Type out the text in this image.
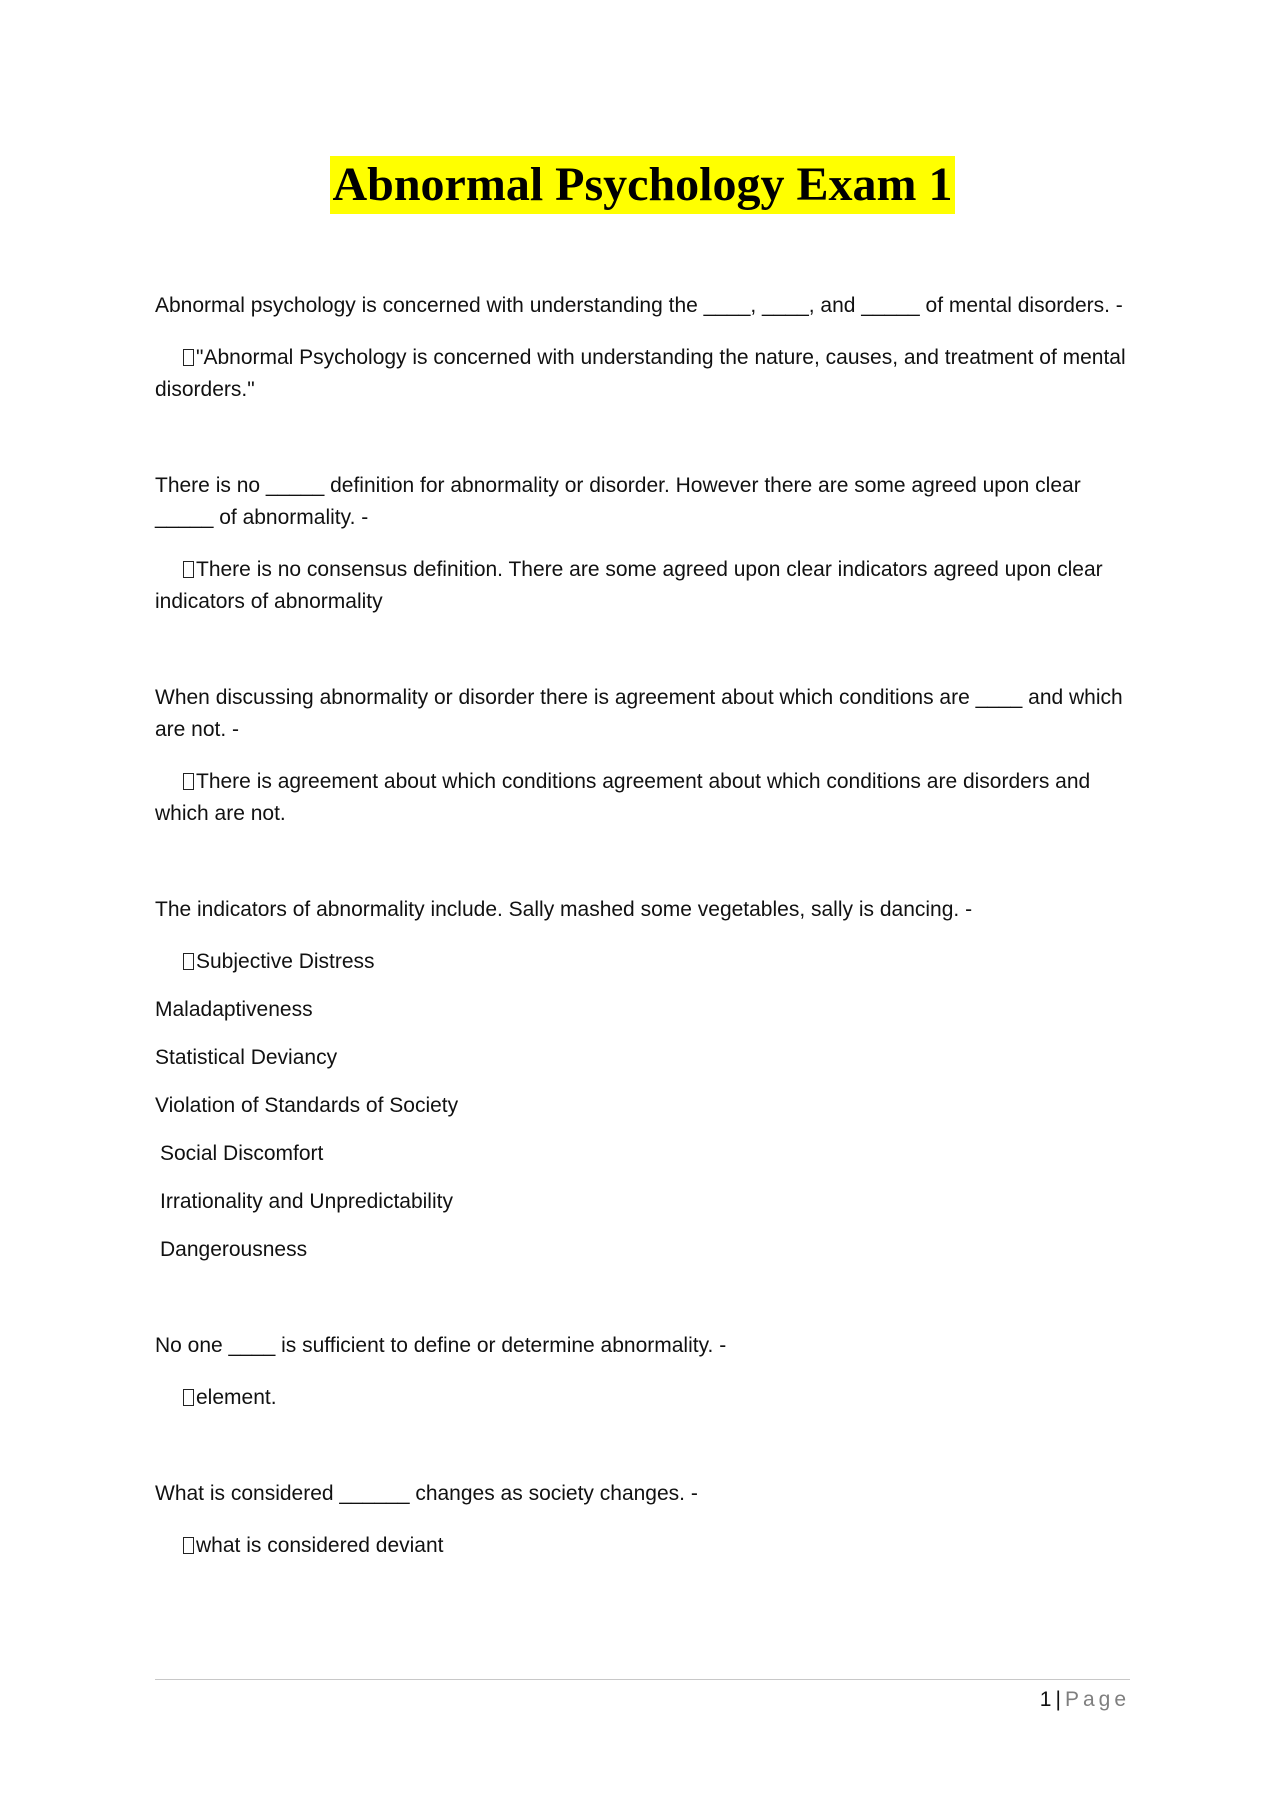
Abnormal Psychology Exam 1

Abnormal psychology is concerned with understanding the ____, ____, and _____ of mental disorders. -

"Abnormal Psychology is concerned with understanding the nature, causes, and treatment of mental disorders."

There is no _____ definition for abnormality or disorder. However there are some agreed upon clear _____ of abnormality. -

There is no consensus definition. There are some agreed upon clear indicators agreed upon clear indicators of abnormality

When discussing abnormality or disorder there is agreement about which conditions are ____ and which are not. -

There is agreement about which conditions agreement about which conditions are disorders and which are not.

The indicators of abnormality include. Sally mashed some vegetables, sally is dancing. -

Subjective Distress

Maladaptiveness

Statistical Deviancy

Violation of Standards of Society

Social Discomfort

Irrationality and Unpredictability

Dangerousness

No one ____ is sufficient to define or determine abnormality. -

element.

What is considered ______ changes as society changes. -

what is considered deviant

1 | Page
